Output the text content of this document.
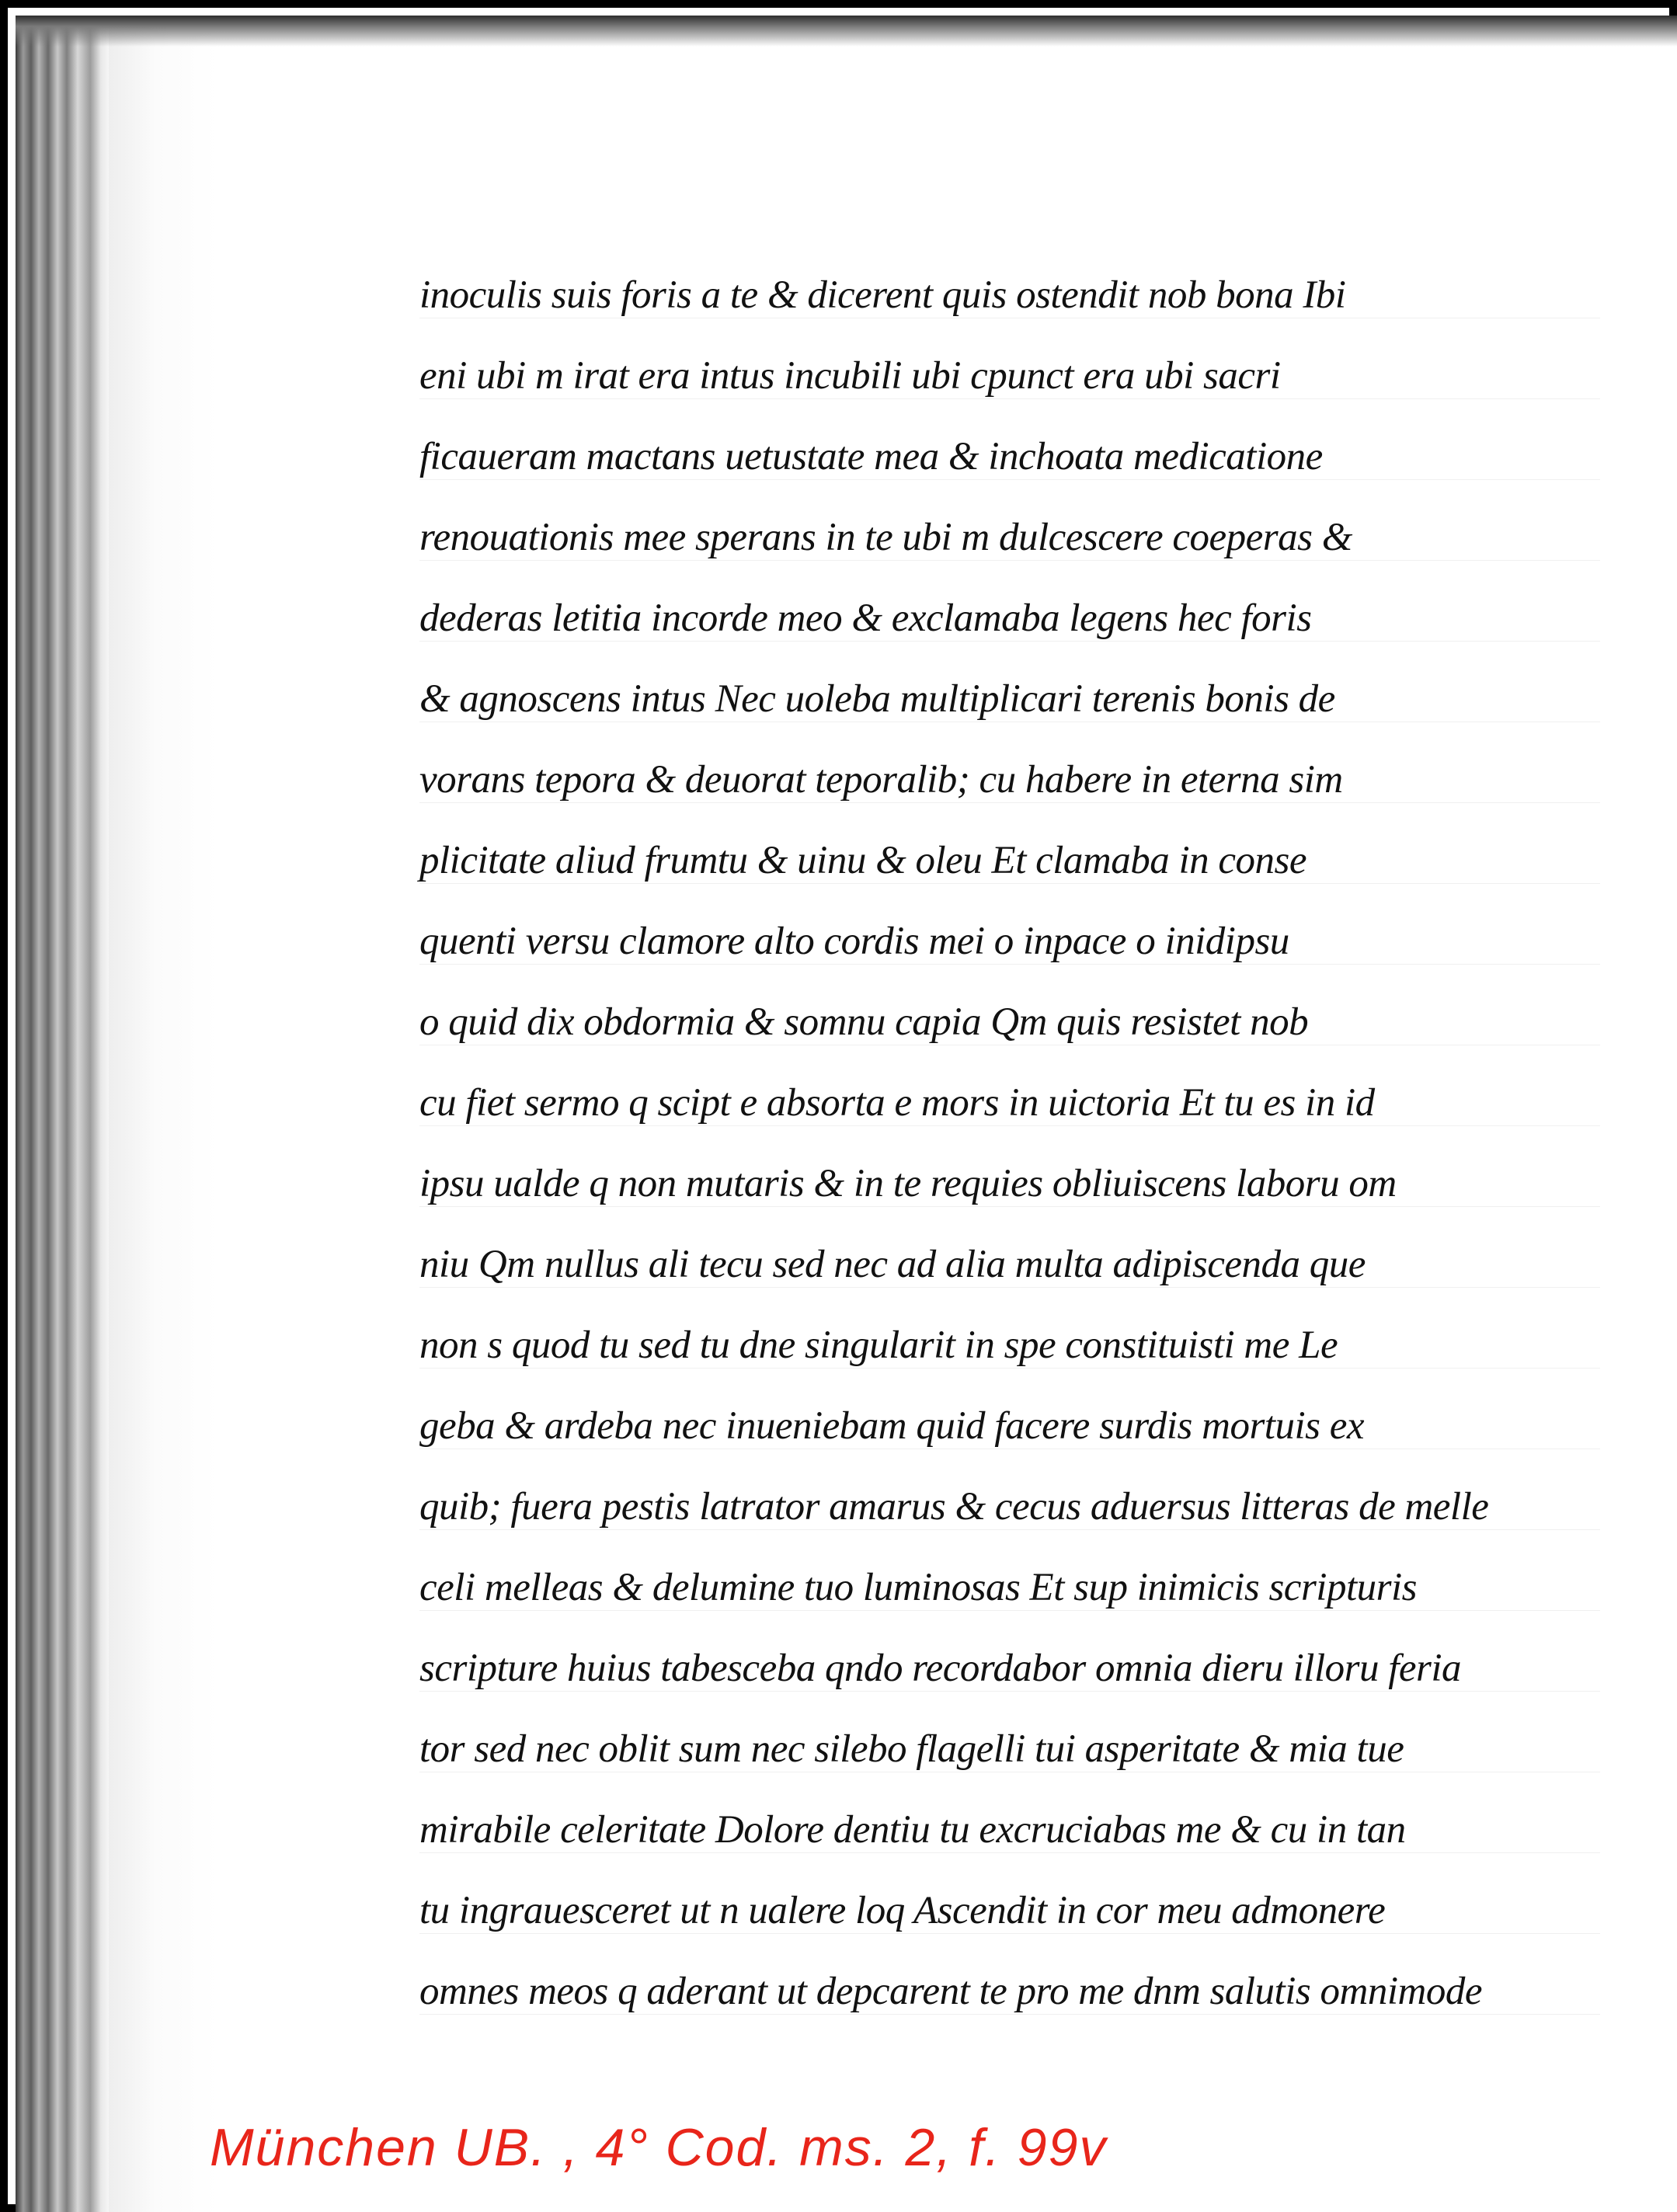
inoculis suis foris a te & dicerent quis ostendit nob bona Ibi
eni ubi m irat era intus incubili ubi cpunct era ubi sacri
ficaueram mactans uetustate mea & inchoata medicatione
renouationis mee sperans in te ubi m dulcescere coeperas &
dederas letitia incorde meo & exclamaba legens hec foris
& agnoscens intus Nec uoleba multiplicari terenis bonis de
vorans tepora & deuorat teporalib; cu habere in eterna sim
plicitate aliud frumtu & uinu & oleu Et clamaba in conse
quenti versu clamore alto cordis mei o inpace o inidipsu
o quid dix obdormia & somnu capia Qm quis resistet nob
cu fiet sermo q scipt e absorta e mors in uictoria Et tu es in id
ipsu ualde q non mutaris & in te requies obliuiscens laboru om
niu Qm nullus ali tecu sed nec ad alia multa adipiscenda que
non s quod tu sed tu dne singularit in spe constituisti me Le
geba & ardeba nec inueniebam quid facere surdis mortuis ex
quib; fuera pestis latrator amarus & cecus aduersus litteras de melle
celi melleas & delumine tuo luminosas Et sup inimicis scripturis
scripture huius tabesceba qndo recordabor omnia dieru illoru feria
tor sed nec oblit sum nec silebo flagelli tui asperitate & mia tue
mirabile celeritate Dolore dentiu tu excruciabas me & cu in tan
tu ingrauesceret ut n ualere loq Ascendit in cor meu admonere
omnes meos q aderant ut depcarent te pro me dnm salutis omnimode
München UB. , 4° Cod. ms. 2, f. 99v
